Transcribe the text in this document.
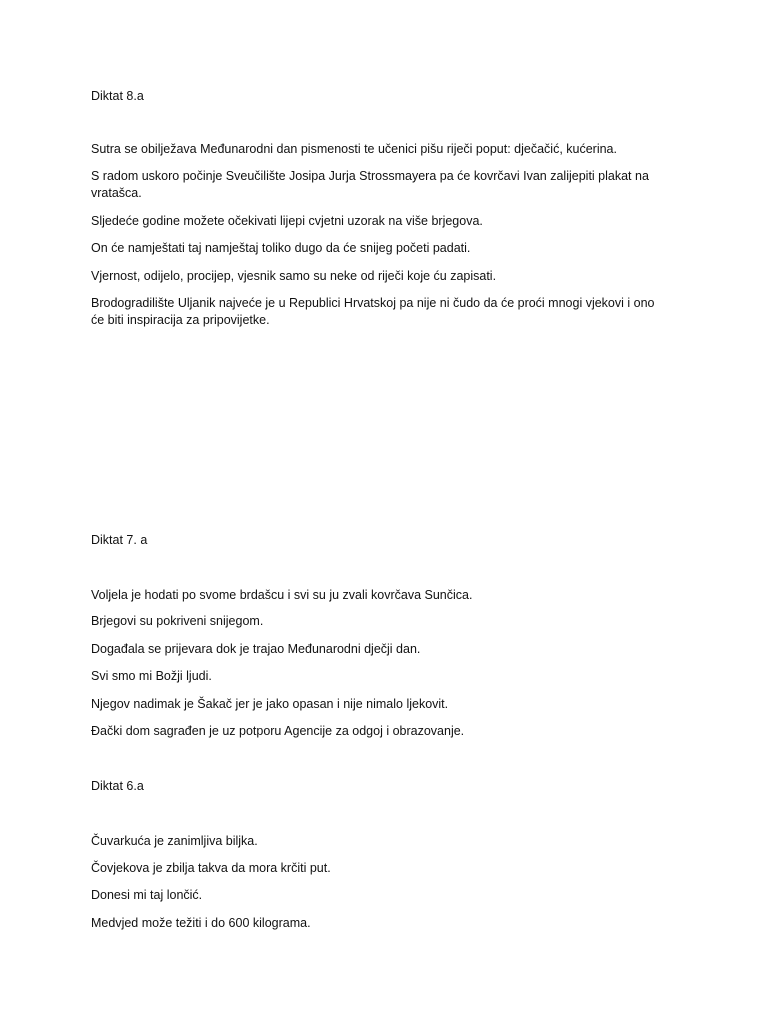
Diktat 8.a

Sutra se obilježava Međunarodni dan pismenosti te učenici pišu riječi poput: dječačić, kućerina.

S radom uskoro počinje Sveučilište Josipa Jurja Strossmayera pa će kovrčavi Ivan zalijepiti plakat na vratašca.

Sljedeće godine možete očekivati lijepi cvjetni uzorak na više brjegova.

On će namještati taj namještaj toliko dugo da će snijeg početi padati.

Vjernost, odijelo, procijep, vjesnik samo su neke od riječi koje ću zapisati.

Brodogradilište Uljanik najveće je u Republici Hrvatskoj pa nije ni čudo da će proći mnogi vjekovi i ono će biti inspiracija za pripovijetke.

Diktat 7. a

Voljela je hodati po svome brdašcu i svi su ju zvali kovrčava Sunčica.

Brjegovi su pokriveni snijegom.

Događala se prijevara dok je trajao Međunarodni dječji dan.

Svi smo mi Božji ljudi.

Njegov nadimak je Šakač jer je jako opasan i nije nimalo ljekovit.

Đački dom sagrađen je uz potporu Agencije za odgoj i obrazovanje.

Diktat 6.a

Čuvarkuća je zanimljiva biljka.

Čovjekova je zbilja takva da mora krčiti put.

Donesi mi taj lončić.

Medvjed može težiti i do 600 kilograma.
